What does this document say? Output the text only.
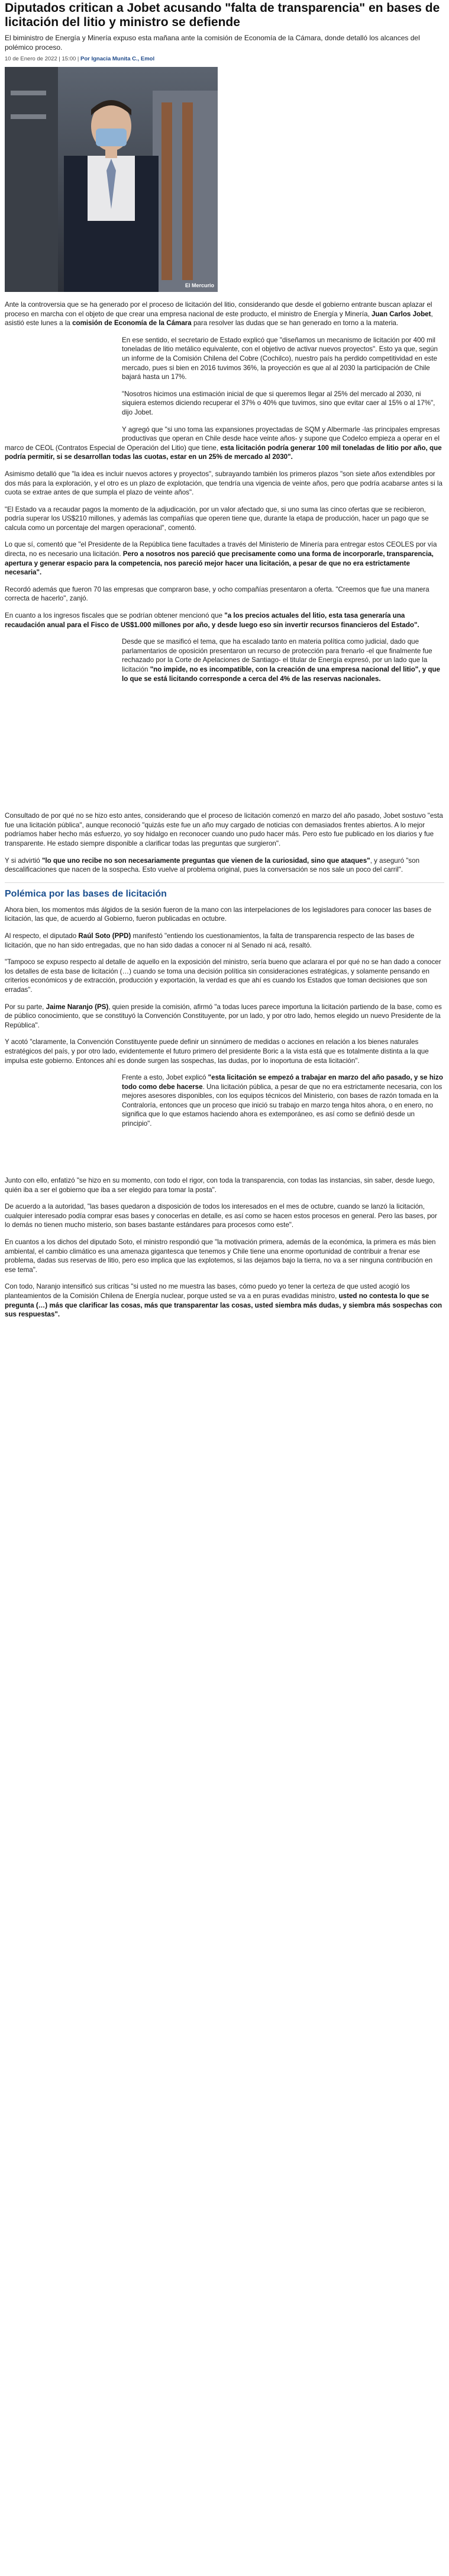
Diputados critican a Jobet acusando "falta de transparencia" en bases de licitación del litio y ministro se defiende
El biministro de Energía y Minería expuso esta mañana ante la comisión de Economía de la Cámara, donde detalló los alcances del polémico proceso.
10 de Enero de 2022 | 15:00 | Por Ignacia Munita C., Emol
El Mercurio

Ante la controversia que se ha generado por el proceso de licitación del litio, considerando que desde el gobierno entrante buscan aplazar el proceso en marcha con el objeto de que crear una empresa nacional de este producto, el ministro de Energía y Minería, Juan Carlos Jobet, asistió este lunes a la comisión de Economía de la Cámara para resolver las dudas que se han generado en torno a la materia.

En ese sentido, el secretario de Estado explicó que "diseñamos un mecanismo de licitación por 400 mil toneladas de litio metálico equivalente, con el objetivo de activar nuevos proyectos". Esto ya que, según un informe de la Comisión Chilena del Cobre (Cochilco), nuestro país ha perdido competitividad en este mercado, pues si bien en 2016 tuvimos 36%, la proyección es que al al 2030 la participación de Chile bajará hasta un 17%.

"Nosotros hicimos una estimación inicial de que si queremos llegar al 25% del mercado al 2030, ni siquiera estemos diciendo recuperar el 37% o 40% que tuvimos, sino que evitar caer al 15% o al 17%", dijo Jobet.

Y agregó que "si uno toma las expansiones proyectadas de SQM y Albermarle -las principales empresas productivas que operan en Chile desde hace veinte años- y supone que Codelco empieza a operar en el marco de CEOL (Contratos Especial de Operación del Litio) que tiene, esta licitación podría generar 100 mil toneladas de litio por año, que podría permitir, si se desarrollan todas las cuotas, estar en un 25% de mercado al 2030".

Asimismo detalló que "la idea es incluir nuevos actores y proyectos", subrayando también los primeros plazos "son siete años extendibles por dos más para la exploración, y el otro es un plazo de explotación, que tendría una vigencia de veinte años, pero que podría acabarse antes si la cuota se extrae antes de que sumpla el plazo de veinte años".

"El Estado va a recaudar pagos la momento de la adjudicación, por un valor afectado que, si uno suma las cinco ofertas que se recibieron, podría superar los US$210 millones, y además las compañías que operen tiene que, durante la etapa de producción, hacer un pago que se calcula como un porcentaje del margen operacional", comentó.

Lo que sí, comentó que "el Presidente de la República tiene facultades a través del Ministerio de Minería para entregar estos CEOLES por vía directa, no es necesario una licitación. Pero a nosotros nos pareció que precisamente como una forma de incorporarle, transparencia, apertura y generar espacio para la competencia, nos pareció mejor hacer una licitación, a pesar de que no era estrictamente necesaria".

Recordó además que fueron 70 las empresas que compraron base, y ocho compañías presentaron a oferta. "Creemos que fue una manera correcta de hacerlo", zanjó.

En cuanto a los ingresos fiscales que se podrían obtener mencionó que "a los precios actuales del litio, esta tasa generaría una recaudación anual para el Fisco de US$1.000 millones por año, y desde luego eso sin invertir recursos financieros del Estado".

Desde que se masificó el tema, que ha escalado tanto en materia política como judicial, dado que parlamentarios de oposición presentaron un recurso de protección para frenarlo -el que finalmente fue rechazado por la Corte de Apelaciones de Santiago- el titular de Energía expresó, por un lado que la licitación "no impide, no es incompatible, con la creación de una empresa nacional del litio", y que lo que se está licitando corresponde a cerca del 4% de las reservas nacionales.

Consultado de por qué no se hizo esto antes, considerando que el proceso de licitación comenzó en marzo del año pasado, Jobet sostuvo "esta fue una licitación pública", aunque reconoció "quizás este fue un año muy cargado de noticias con demasiados frentes abiertos. A lo mejor podríamos haber hecho más esfuerzo, yo soy hidalgo en reconocer cuando uno pudo hacer más. Pero esto fue publicado en los diarios y fue transparente. He estado siempre disponible a clarificar todas las preguntas que surgieron".

Y si advirtió "lo que uno recibe no son necesariamente preguntas que vienen de la curiosidad, sino que ataques", y aseguró "son descalificaciones que nacen de la sospecha. Esto vuelve al problema original, pues la conversación se nos sale un poco del carril".

Polémica por las bases de licitación

Ahora bien, los momentos más álgidos de la sesión fueron de la mano con las interpelaciones de los legisladores para conocer las bases de licitación, las que, de acuerdo al Gobierno, fueron publicadas en octubre.

Al respecto, el diputado Raúl Soto (PPD) manifestó "entiendo los cuestionamientos, la falta de transparencia respecto de las bases de licitación, que no han sido entregadas, que no han sido dadas a conocer ni al Senado ni acá, resaltó.

"Tampoco se expuso respecto al detalle de aquello en la exposición del ministro, sería bueno que aclarara el por qué no se han dado a conocer los detalles de esta base de licitación (…) cuando se toma una decisión política sin consideraciones estratégicas, y solamente pensando en criterios económicos y de extracción, producción y exportación, la verdad es que ahí es cuando los Estados que toman decisiones que son erradas".

Por su parte, Jaime Naranjo (PS), quien preside la comisión, afirmó "a todas luces parece importuna la licitación partiendo de la base, como es de público conocimiento, que se constituyó la Convención Constituyente, por un lado, y por otro lado, hemos elegido un nuevo Presidente de la República".

Y acotó "claramente, la Convención Constituyente puede definir un sinnúmero de medidas o acciones en relación a los bienes naturales estratégicos del país, y por otro lado, evidentemente el futuro primero del presidente Boric a la vista está que es totalmente distinta a la que impulsa este gobierno. Entonces ahí es donde surgen las sospechas, las dudas, por lo inoportuna de esta licitación".

Frente a esto, Jobet explicó "esta licitación se empezó a trabajar en marzo del año pasado, y se hizo todo como debe hacerse. Una licitación pública, a pesar de que no era estrictamente necesaria, con los mejores asesores disponibles, con los equipos técnicos del Ministerio, con bases de razón tomada en la Contraloría, entonces que un proceso que inició su trabajo en marzo tenga hitos ahora, o en enero, no significa que lo que estamos haciendo ahora es extemporáneo, es así como se definió desde un principio".

Junto con ello, enfatizó "se hizo en su momento, con todo el rigor, con toda la transparencia, con todas las instancias, sin saber, desde luego, quién iba a ser el gobierno que iba a ser elegido para tomar la posta".

De acuerdo a la autoridad, "las bases quedaron a disposición de todos los interesados en el mes de octubre, cuando se lanzó la licitación, cualquier interesado podía comprar esas bases y conocerlas en detalle, es así como se hacen estos procesos en general. Pero las bases, por lo demás no tienen mucho misterio, son bases bastante estándares para procesos como este".

En cuantos a los dichos del diputado Soto, el ministro respondió que "la motivación primera, además de la económica, la primera es más bien ambiental, el cambio climático es una amenaza gigantesca que tenemos y Chile tiene una enorme oportunidad de contribuir a frenar ese problema, dadas sus reservas de litio, pero eso implica que las explotemos, si las dejamos bajo la tierra, no va a ser ninguna contribución en ese tema".

Con todo, Naranjo intensificó sus críticas "si usted no me muestra las bases, cómo puedo yo tener la certeza de que usted acogió los planteamientos de la Comisión Chilena de Energía nuclear, porque usted se va a en puras evadidas ministro, usted no contesta lo que se pregunta (…) más que clarificar las cosas, más que transparentar las cosas, usted siembra más dudas, y siembra más sospechas con sus respuestas".
